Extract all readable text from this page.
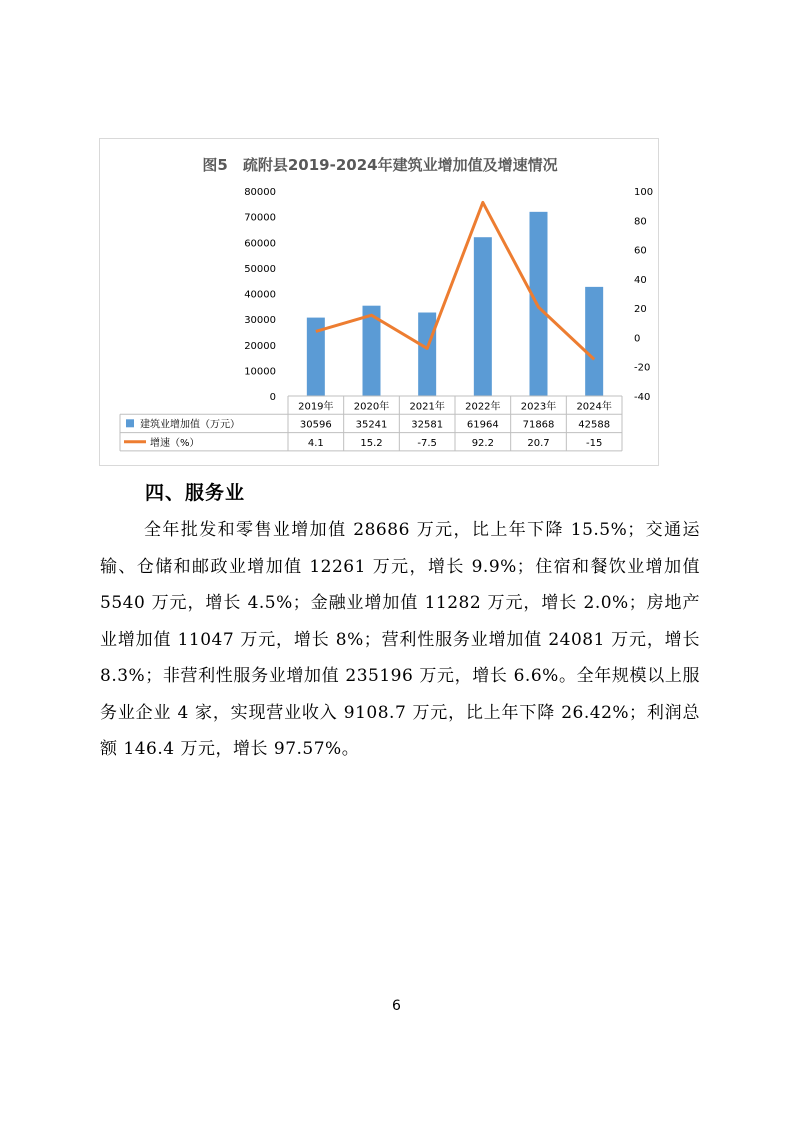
图5　疏附县2019-2024年建筑业增加值及增速情况
0
10000
20000
30000
40000
50000
60000
70000
80000
-40
-20
0
20
40
60
80
100
2019年 2020年 2021年 2022年 2023年 2024年
建筑业增加值（万元）
增速（%）
30596 35241 32581 61964 71868 42588
4.1	15.2	-7.5	92.2	20.7	-15
四、服务业

全年批发和零售业增加值 28686 万元，比上年下降 15.5%；交通运输、仓储和邮政业增加值 12261 万元，增长 9.9%；住宿和餐饮业增加值 5540 万元，增长 4.5%；金融业增加值 11282 万元，增长 2.0%；房地产业增加值 11047 万元，增长 8%；营利性服务业增加值 24081 万元，增长 8.3%；非营利性服务业增加值 235196 万元，增长 6.6%。全年规模以上服务业企业 4 家，实现营业收入 9108.7 万元，比上年下降 26.42%；利润总额 146.4 万元，增长 97.57%。

6
